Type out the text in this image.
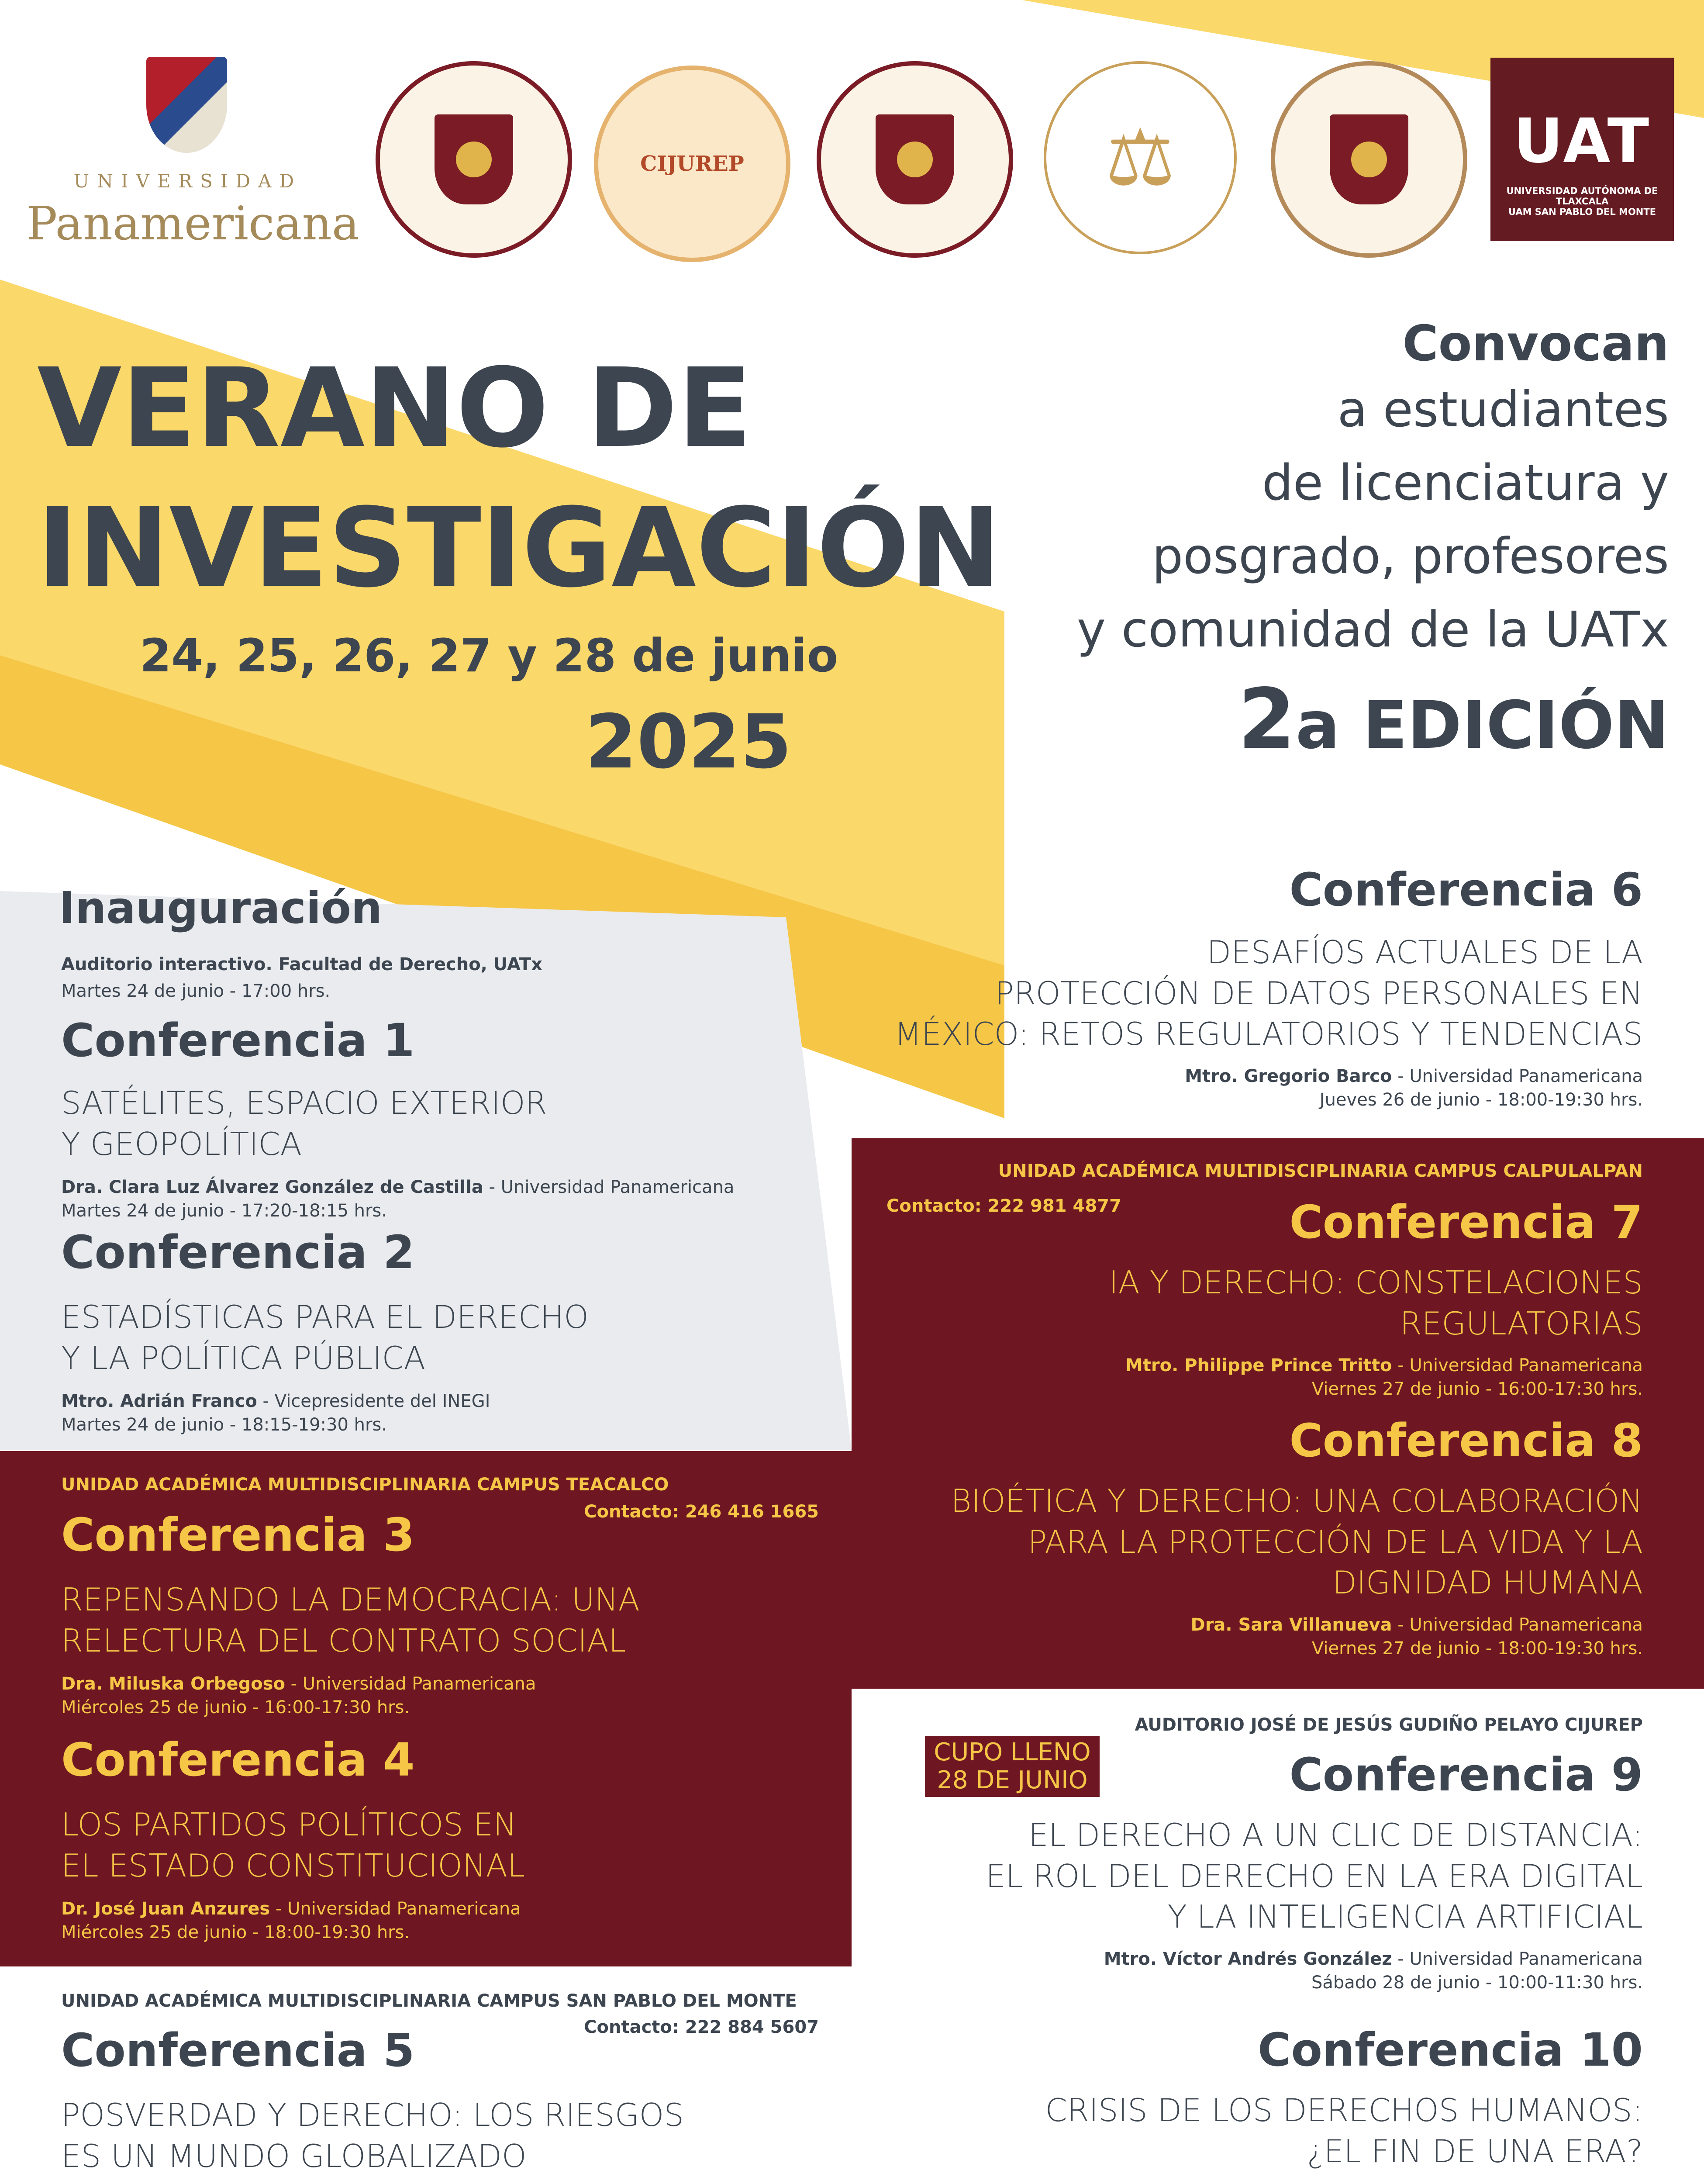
UNIVERSIDAD
Panamericana
CIJUREP	⚖	UAT
UNIVERSIDAD AUTÓNOMA DE TLAXCALA
UAM SAN PABLO DEL MONTE
VERANO DE
INVESTIGACIÓN
24, 25, 26, 27 y 28 de junio
2025
Convocan
a estudiantes
de licenciatura y
posgrado, profesores
y comunidad de la UATx
2a EDICIÓN
Inauguración
Auditorio interactivo. Facultad de Derecho, UATx
Martes 24 de junio - 17:00 hrs.
Conferencia 1
SATÉLITES, ESPACIO EXTERIOR
Y GEOPOLÍTICA
Dra. Clara Luz Álvarez González de Castilla - Universidad Panamericana
Martes 24 de junio - 17:20-18:15 hrs.
Conferencia 2
ESTADÍSTICAS PARA EL DERECHO
Y LA POLÍTICA PÚBLICA
Mtro. Adrián Franco - Vicepresidente del INEGI
Martes 24 de junio - 18:15-19:30 hrs.
UNIDAD ACADÉMICA MULTIDISCIPLINARIA CAMPUS TEACALCO
Contacto: 246 416 1665
Conferencia 3
REPENSANDO LA DEMOCRACIA: UNA
RELECTURA DEL CONTRATO SOCIAL
Dra. Miluska Orbegoso - Universidad Panamericana
Miércoles 25 de junio - 16:00-17:30 hrs.
Conferencia 4
LOS PARTIDOS POLÍTICOS EN
EL ESTADO CONSTITUCIONAL
Dr. José Juan Anzures - Universidad Panamericana
Miércoles 25 de junio - 18:00-19:30 hrs.
UNIDAD ACADÉMICA MULTIDISCIPLINARIA CAMPUS SAN PABLO DEL MONTE
Contacto: 222 884 5607
Conferencia 5
POSVERDAD Y DERECHO: LOS RIESGOS
ES UN MUNDO GLOBALIZADO
Conferencia 6
DESAFÍOS ACTUALES DE LA
PROTECCIÓN DE DATOS PERSONALES EN
MÉXICO: RETOS REGULATORIOS Y TENDENCIAS
Mtro. Gregorio Barco - Universidad Panamericana
Jueves 26 de junio - 18:00-19:30 hrs.
UNIDAD ACADÉMICA MULTIDISCIPLINARIA CAMPUS CALPULALPAN
Contacto: 222 981 4877	Conferencia 7
IA Y DERECHO: CONSTELACIONES
REGULATORIAS
Mtro. Philippe Prince Tritto - Universidad Panamericana
Viernes 27 de junio - 16:00-17:30 hrs.
Conferencia 8
BIOÉTICA Y DERECHO: UNA COLABORACIÓN
PARA LA PROTECCIÓN DE LA VIDA Y LA
DIGNIDAD HUMANA
Dra. Sara Villanueva - Universidad Panamericana
Viernes 27 de junio - 18:00-19:30 hrs.
AUDITORIO JOSÉ DE JESÚS GUDIÑO PELAYO CIJUREP
CUPO LLENO
28 DE JUNIO	Conferencia 9
EL DERECHO A UN CLIC DE DISTANCIA:
EL ROL DEL DERECHO EN LA ERA DIGITAL
Y LA INTELIGENCIA ARTIFICIAL
Mtro. Víctor Andrés González - Universidad Panamericana
Sábado 28 de junio - 10:00-11:30 hrs.
Conferencia 10
CRISIS DE LOS DERECHOS HUMANOS:
¿EL FIN DE UNA ERA?
